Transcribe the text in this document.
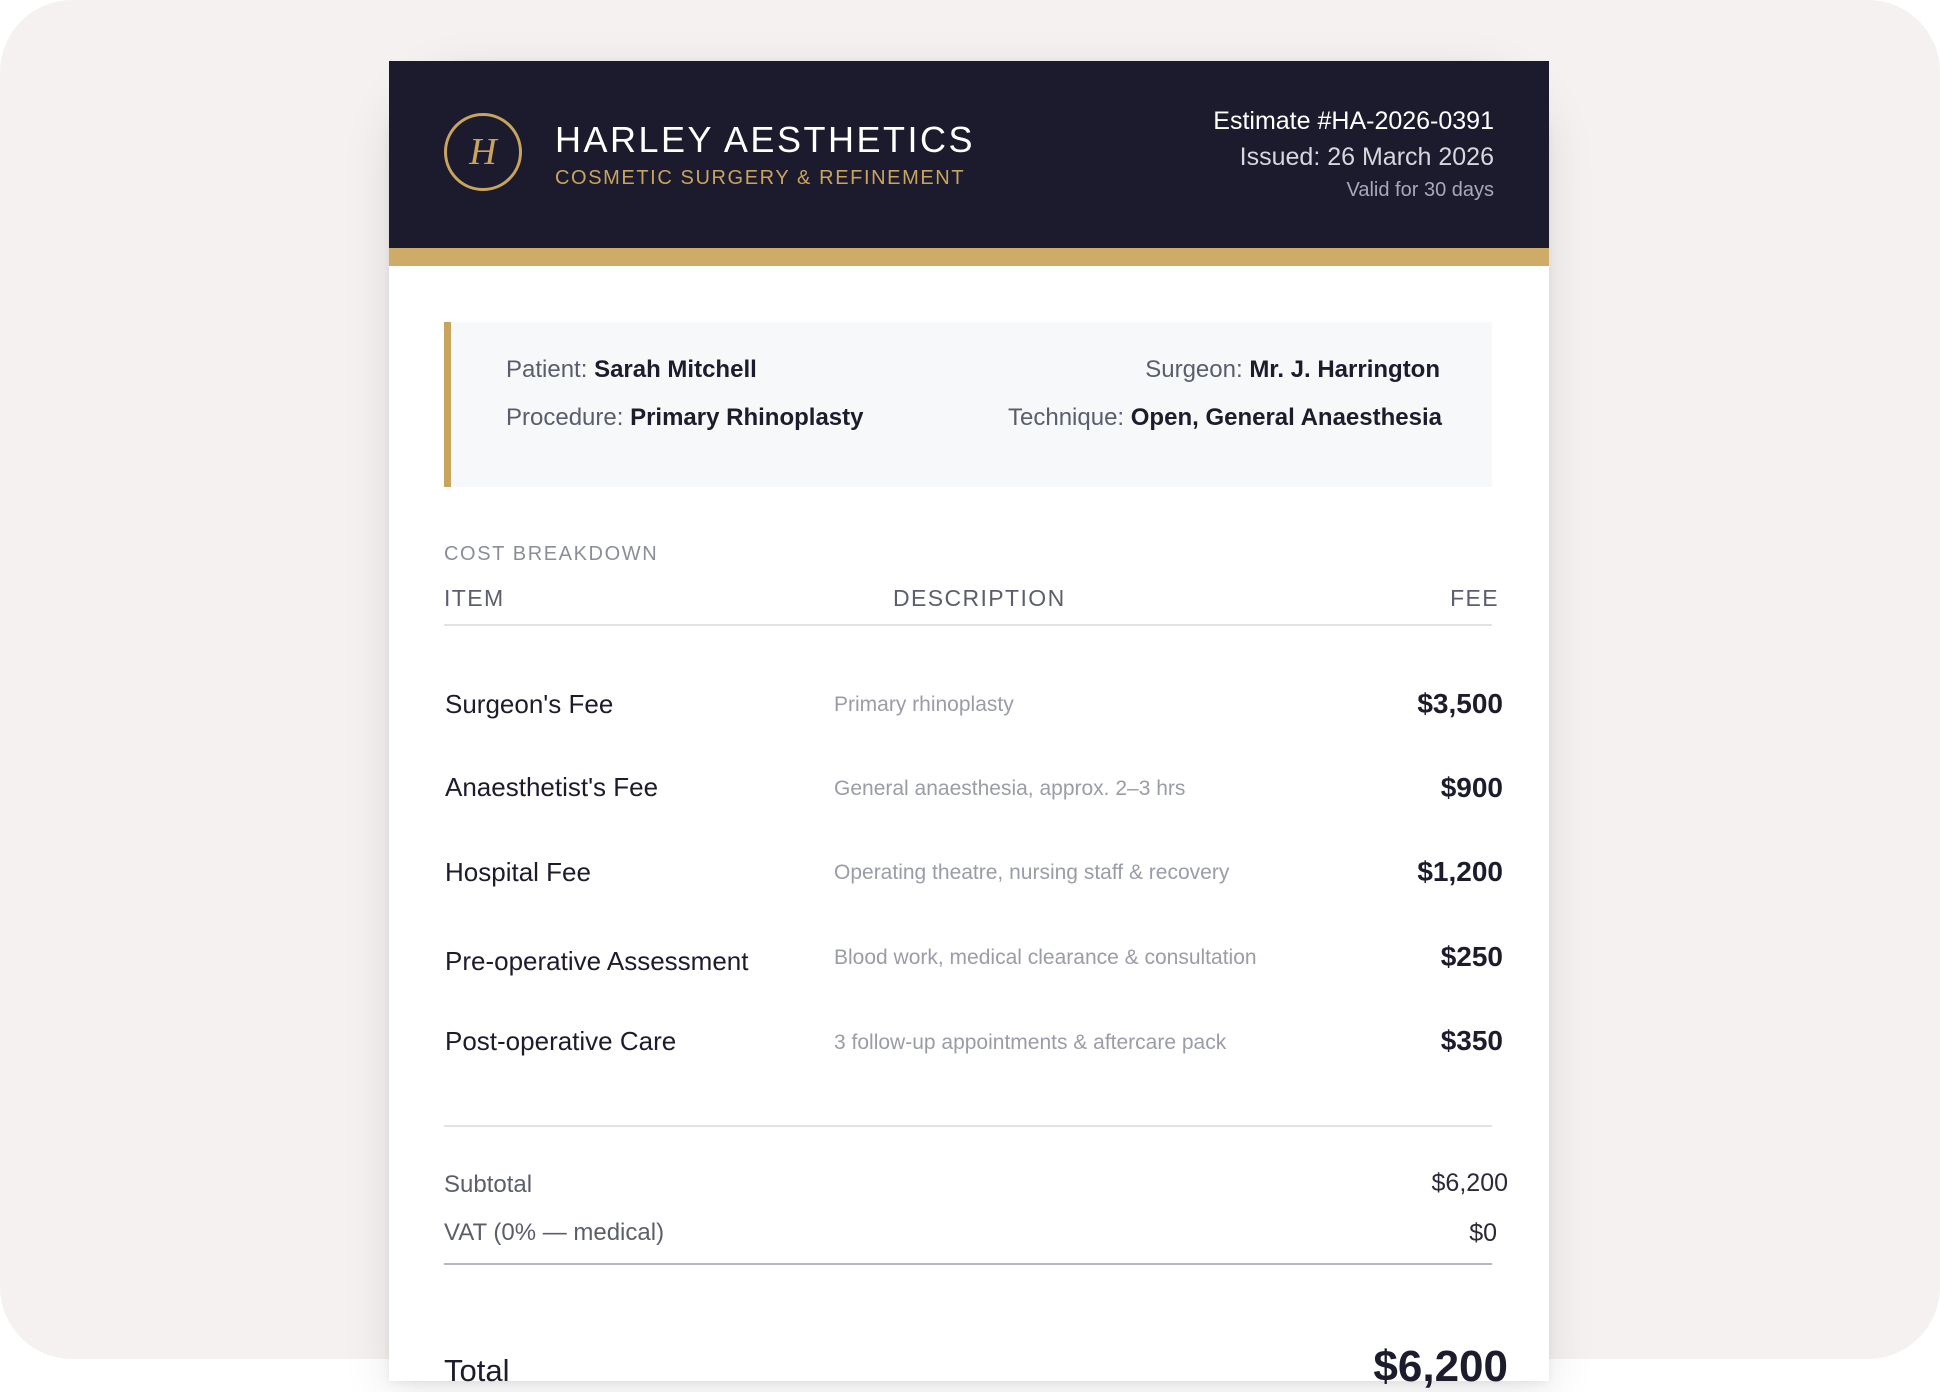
H HARLEY AESTHETICS
COSMETIC SURGERY & REFINEMENT
Estimate #HA-2026-0391
Issued: 26 March 2026
Valid for 30 days
Patient: Sarah Mitchell
Procedure: Primary Rhinoplasty
Surgeon: Mr. J. Harrington
Technique: Open, General Anaesthesia
COST BREAKDOWN
ITEM	DESCRIPTION	FEE
Surgeon's Fee	Primary rhinoplasty	$3,500
Anaesthetist's Fee	General anaesthesia, approx. 2–3 hrs	$900
Hospital Fee	Operating theatre, nursing staff & recovery	$1,200
Pre-operative Assessment	Blood work, medical clearance & consultation	$250
Post-operative Care	3 follow-up appointments & aftercare pack	$350
Subtotal	$6,200
VAT (0% — medical)	$0
Total	$6,200
